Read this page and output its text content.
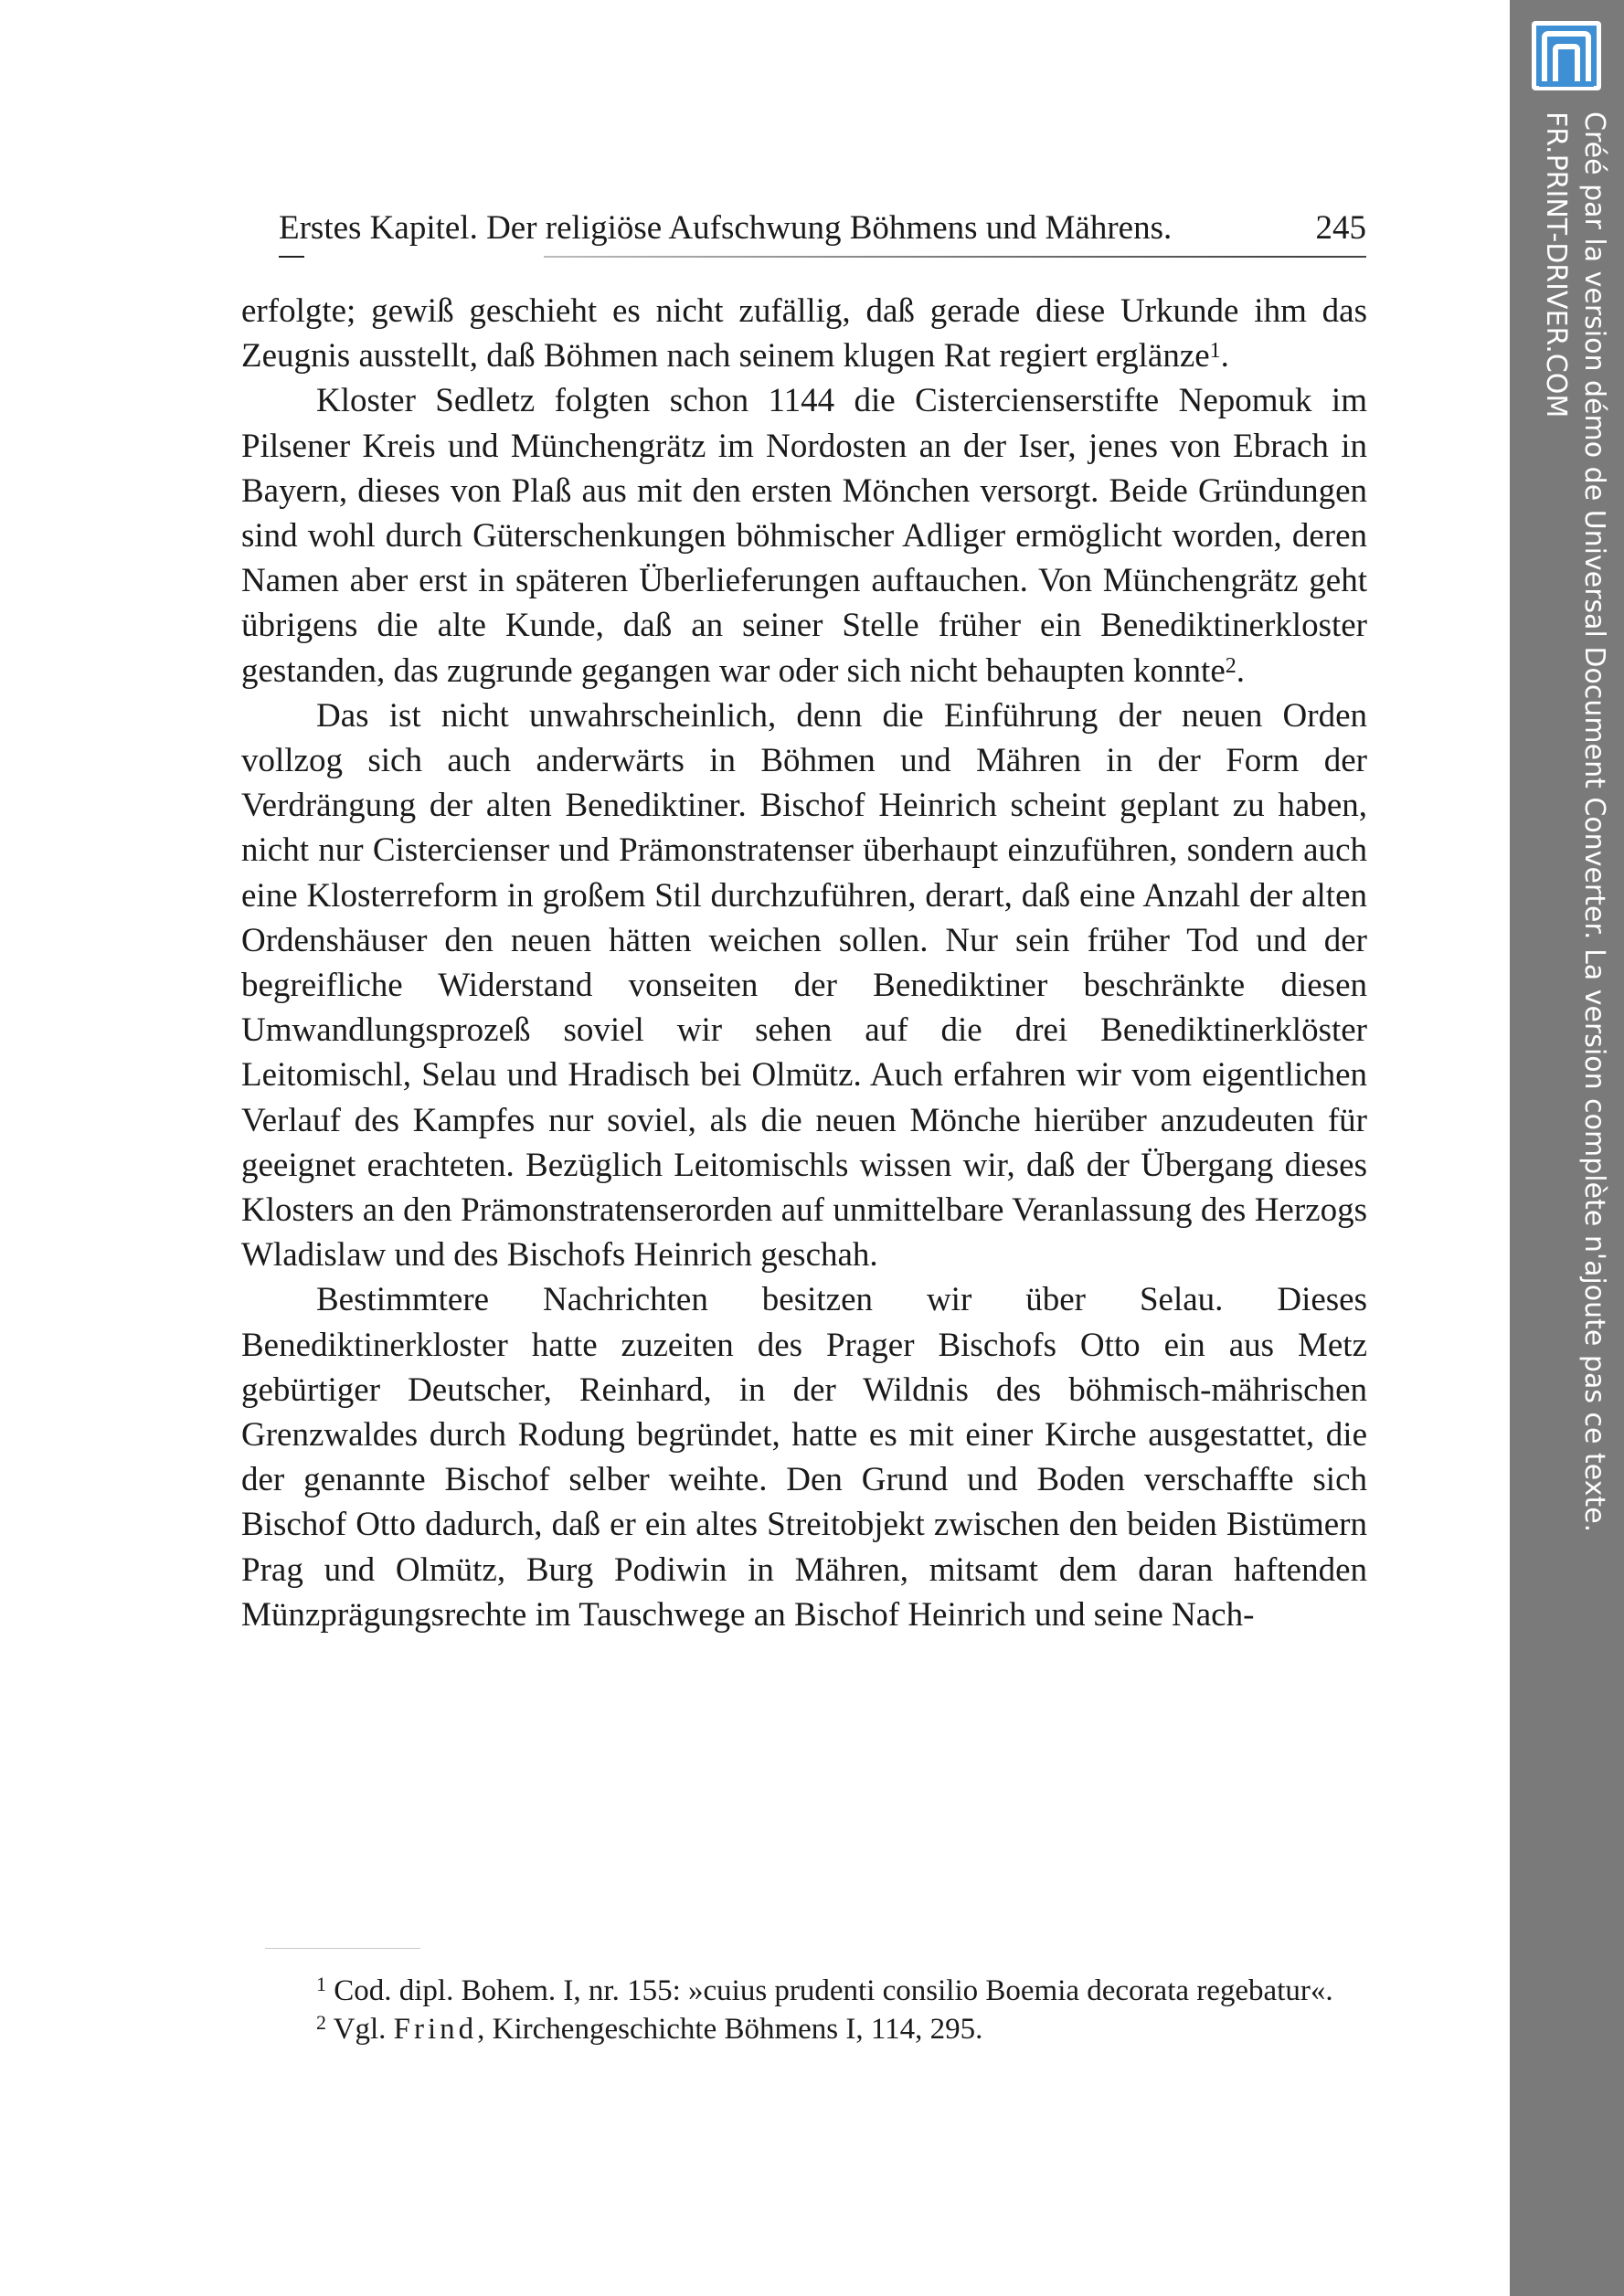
Erstes Kapitel. Der religiöse Aufschwung Böhmens und Mährens.	245

erfolgte; gewiß geschieht es nicht zufällig, daß gerade diese Urkunde ihm das Zeugnis ausstellt, daß Böhmen nach seinem klugen Rat regiert erglänze$^1$.

Kloster Sedletz folgten schon 1144 die Cistercienserstifte Nepomuk im Pilsener Kreis und Münchengrätz im Nordosten an der Iser, jenes von Ebrach in Bayern, dieses von Plaß aus mit den ersten Mönchen versorgt. Beide Gründungen sind wohl durch Güterschenkungen böhmischer Adliger ermöglicht worden, deren Namen aber erst in späteren Überlieferungen auftauchen. Von Münchengrätz geht übrigens die alte Kunde, daß an seiner Stelle früher ein Benediktinerkloster gestanden, das zugrunde gegangen war oder sich nicht behaupten konnte$^2$.

Das ist nicht unwahrscheinlich, denn die Einführung der neuen Orden vollzog sich auch anderwärts in Böhmen und Mähren in der Form der Verdrängung der alten Benediktiner. Bischof Heinrich scheint geplant zu haben, nicht nur Cistercienser und Prämonstratenser überhaupt einzuführen, sondern auch eine Klosterreform in großem Stil durchzuführen, derart, daß eine Anzahl der alten Ordenshäuser den neuen hätten weichen sollen. Nur sein früher Tod und der begreifliche Widerstand vonseiten der Benediktiner beschränkte diesen Umwandlungsprozeß soviel wir sehen auf die drei Benediktinerklöster Leitomischl, Selau und Hradisch bei Olmütz. Auch erfahren wir vom eigentlichen Verlauf des Kampfes nur soviel, als die neuen Mönche hierüber anzudeuten für geeignet erachteten. Bezüglich Leitomischls wissen wir, daß der Übergang dieses Klosters an den Prämonstratenserorden auf unmittelbare Veranlassung des Herzogs Wladislaw und des Bischofs Heinrich geschah.

Bestimmtere Nachrichten besitzen wir über Selau. Dieses Benediktinerkloster hatte zuzeiten des Prager Bischofs Otto ein aus Metz gebürtiger Deutscher, Reinhard, in der Wildnis des böhmisch-mährischen Grenzwaldes durch Rodung begründet, hatte es mit einer Kirche ausgestattet, die der genannte Bischof selber weihte. Den Grund und Boden verschaffte sich Bischof Otto dadurch, daß er ein altes Streitobjekt zwischen den beiden Bistümern Prag und Olmütz, Burg Podiwin in Mähren, mitsamt dem daran haftenden Münzprägungsrechte im Tauschwege an Bischof Heinrich und seine Nach-

$^1$ Cod. dipl. Bohem. I, nr. 155: »cuius prudenti consilio Boemia decorata regebatur«.

$^2$ Vgl. Frind, Kirchengeschichte Böhmens I, 114, 295.

Créé par la version démo de Universal Document Converter. La version complète n'ajoute pas ce texte.
FR.PRINT-DRIVER.COM
